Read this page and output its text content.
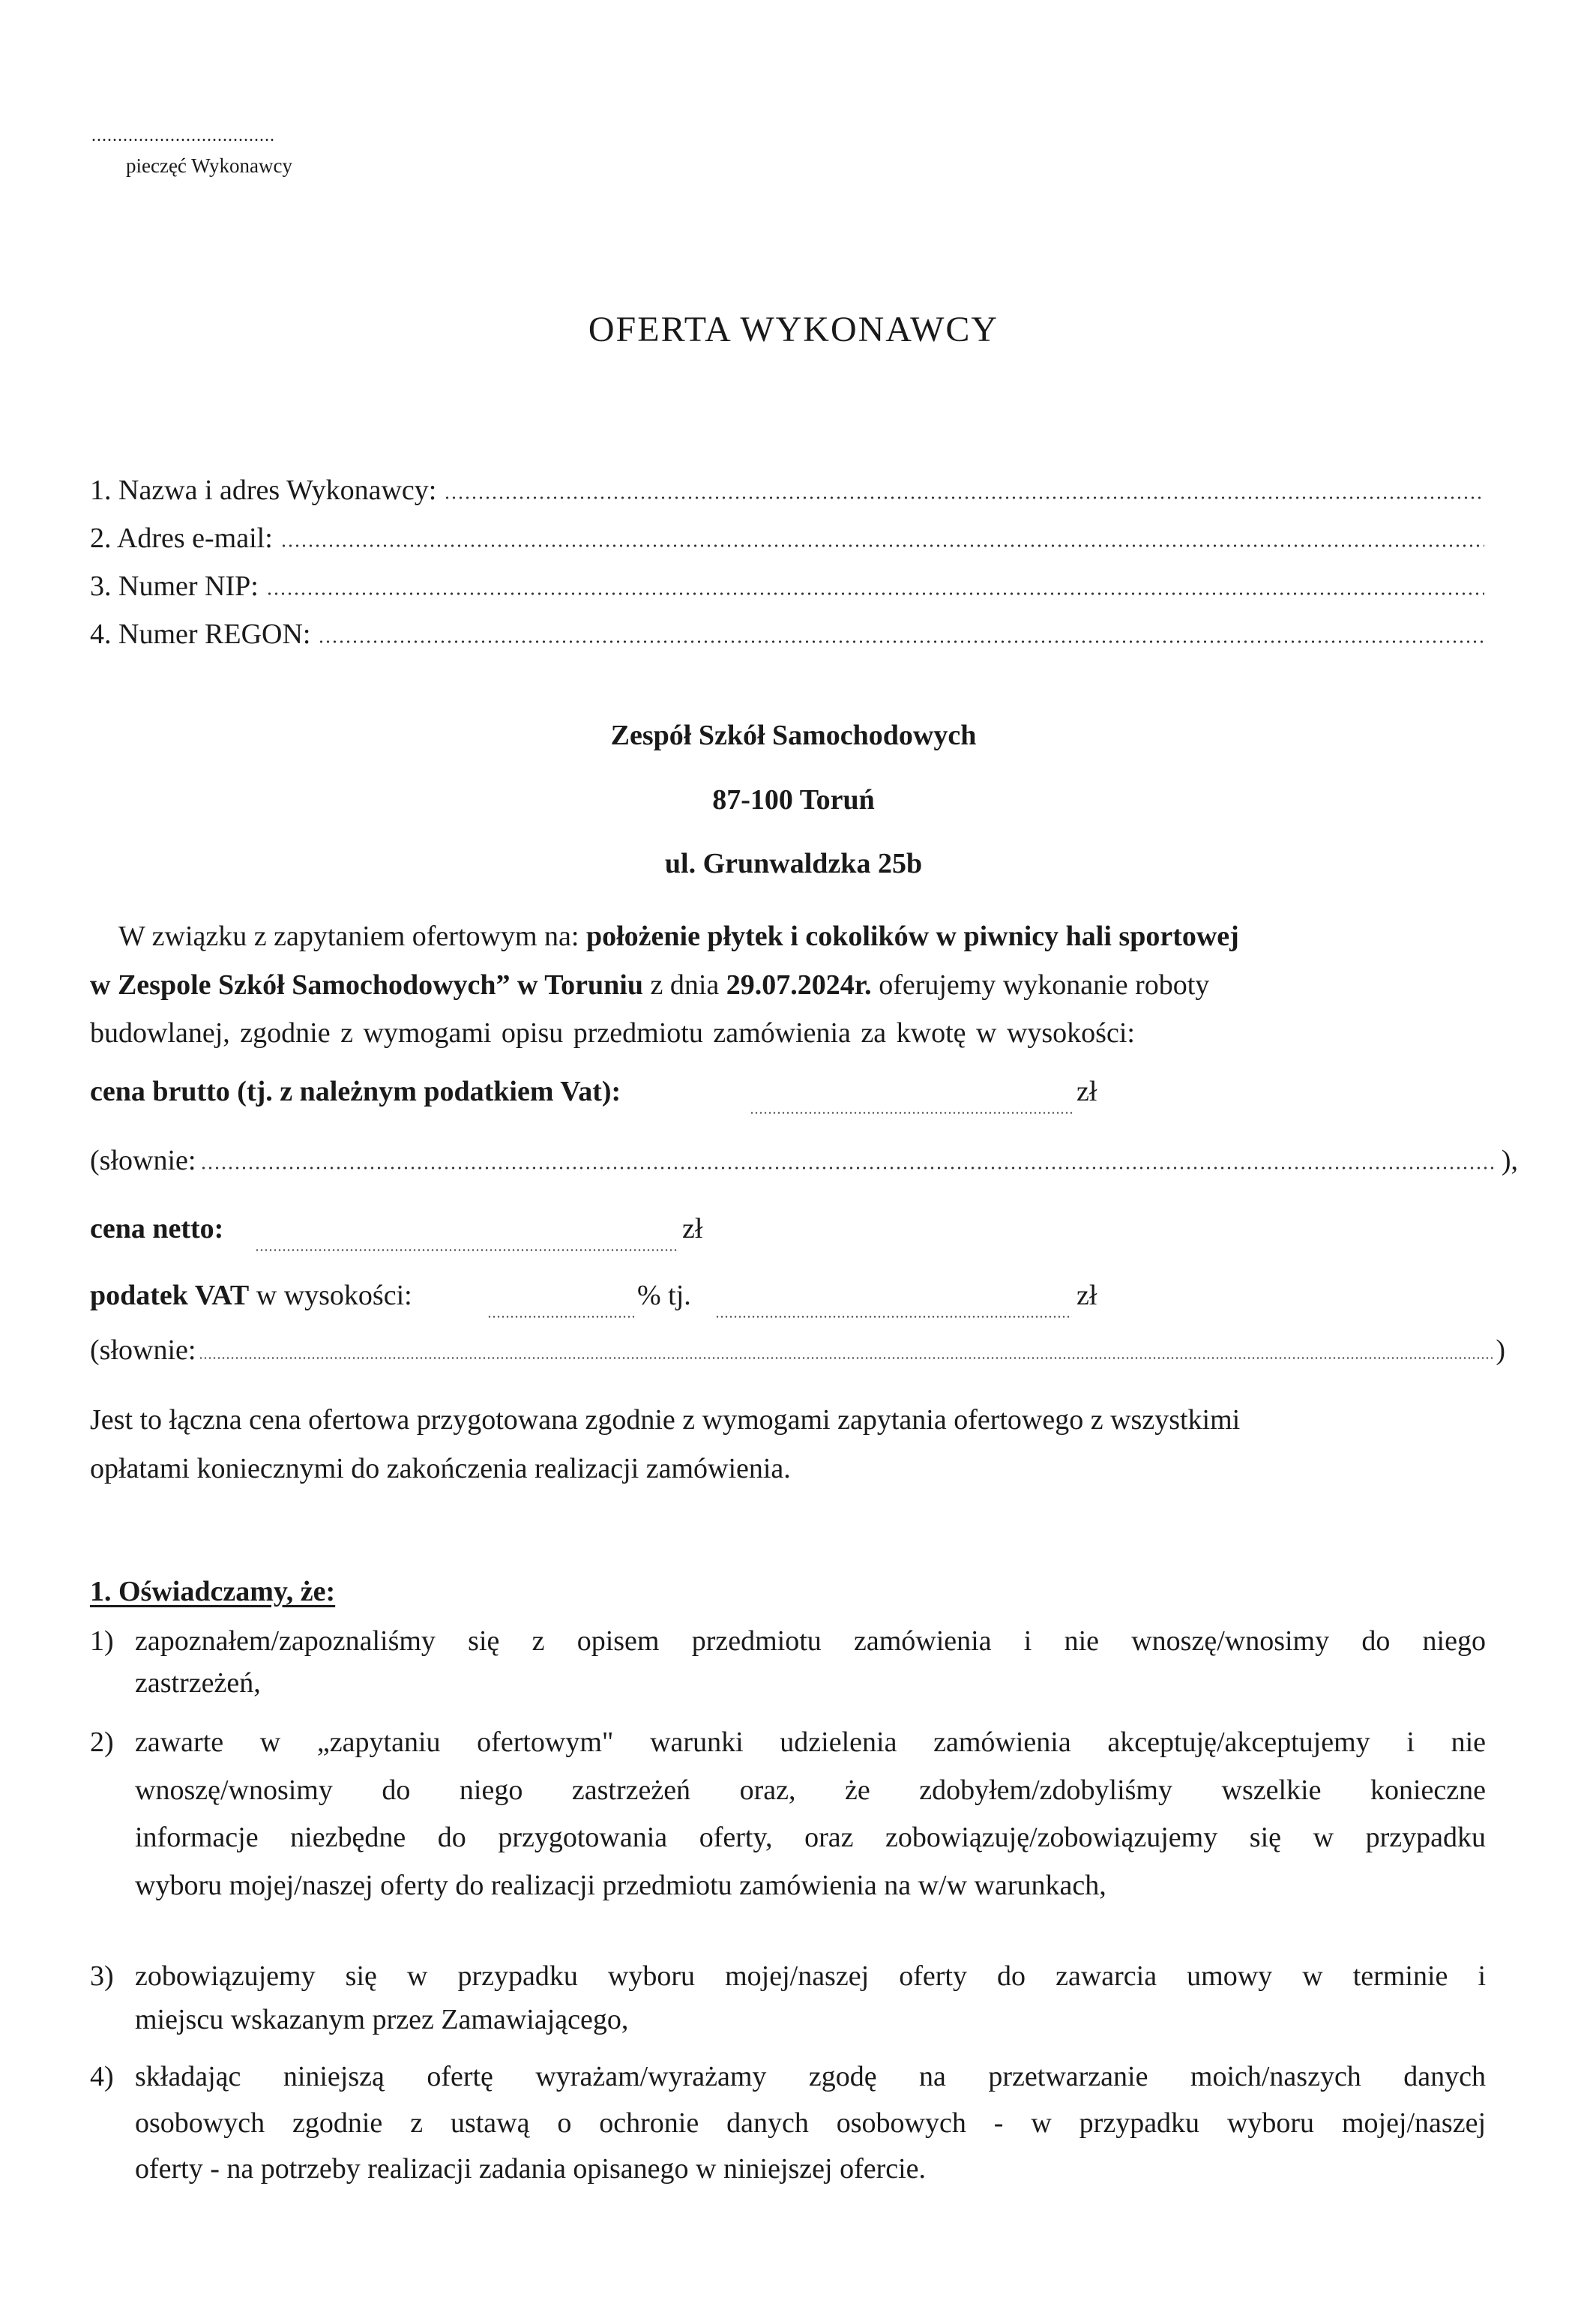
...................................
pieczęć Wykonawcy
OFERTA WYKONAWCY
1. Nazwa i adres Wykonawcy:
2. Adres e-mail:
3. Numer NIP:
4. Numer REGON:
Zespół Szkół Samochodowych
87-100 Toruń
ul. Grunwaldzka 25b
W związku z zapytaniem ofertowym na: położenie płytek i cokolików w piwnicy hali sportowej
w Zespole Szkół Samochodowych” w Toruniu z dnia 29.07.2024r. oferujemy wykonanie roboty
budowlanej, zgodnie z wymogami opisu przedmiotu zamówienia za kwotę w wysokości:
cena brutto (tj. z należnym podatkiem Vat):	zł
(słownie:	),
cena netto:	zł
podatek VAT w wysokości:	% tj.	zł
(słownie:	)
Jest to łączna cena ofertowa przygotowana zgodnie z wymogami zapytania ofertowego z wszystkimi
opłatami koniecznymi do zakończenia realizacji zamówienia.
1. Oświadczamy, że:
1) zapoznałem/zapoznaliśmy się z opisem przedmiotu zamówienia i nie wnoszę/wnosimy do niego
zastrzeżeń,
2) zawarte w „zapytaniu ofertowym" warunki udzielenia zamówienia akceptuję/akceptujemy i nie
wnoszę/wnosimy do niego zastrzeżeń oraz, że zdobyłem/zdobyliśmy wszelkie konieczne
informacje niezbędne do przygotowania oferty, oraz zobowiązuję/zobowiązujemy się w przypadku
wyboru mojej/naszej oferty do realizacji przedmiotu zamówienia na w/w warunkach,
3) zobowiązujemy się w przypadku wyboru mojej/naszej oferty do zawarcia umowy w terminie i
miejscu wskazanym przez Zamawiającego,
4) składając niniejszą ofertę wyrażam/wyrażamy zgodę na przetwarzanie moich/naszych danych
osobowych zgodnie z ustawą o ochronie danych osobowych - w przypadku wyboru mojej/naszej
oferty - na potrzeby realizacji zadania opisanego w niniejszej ofercie.
